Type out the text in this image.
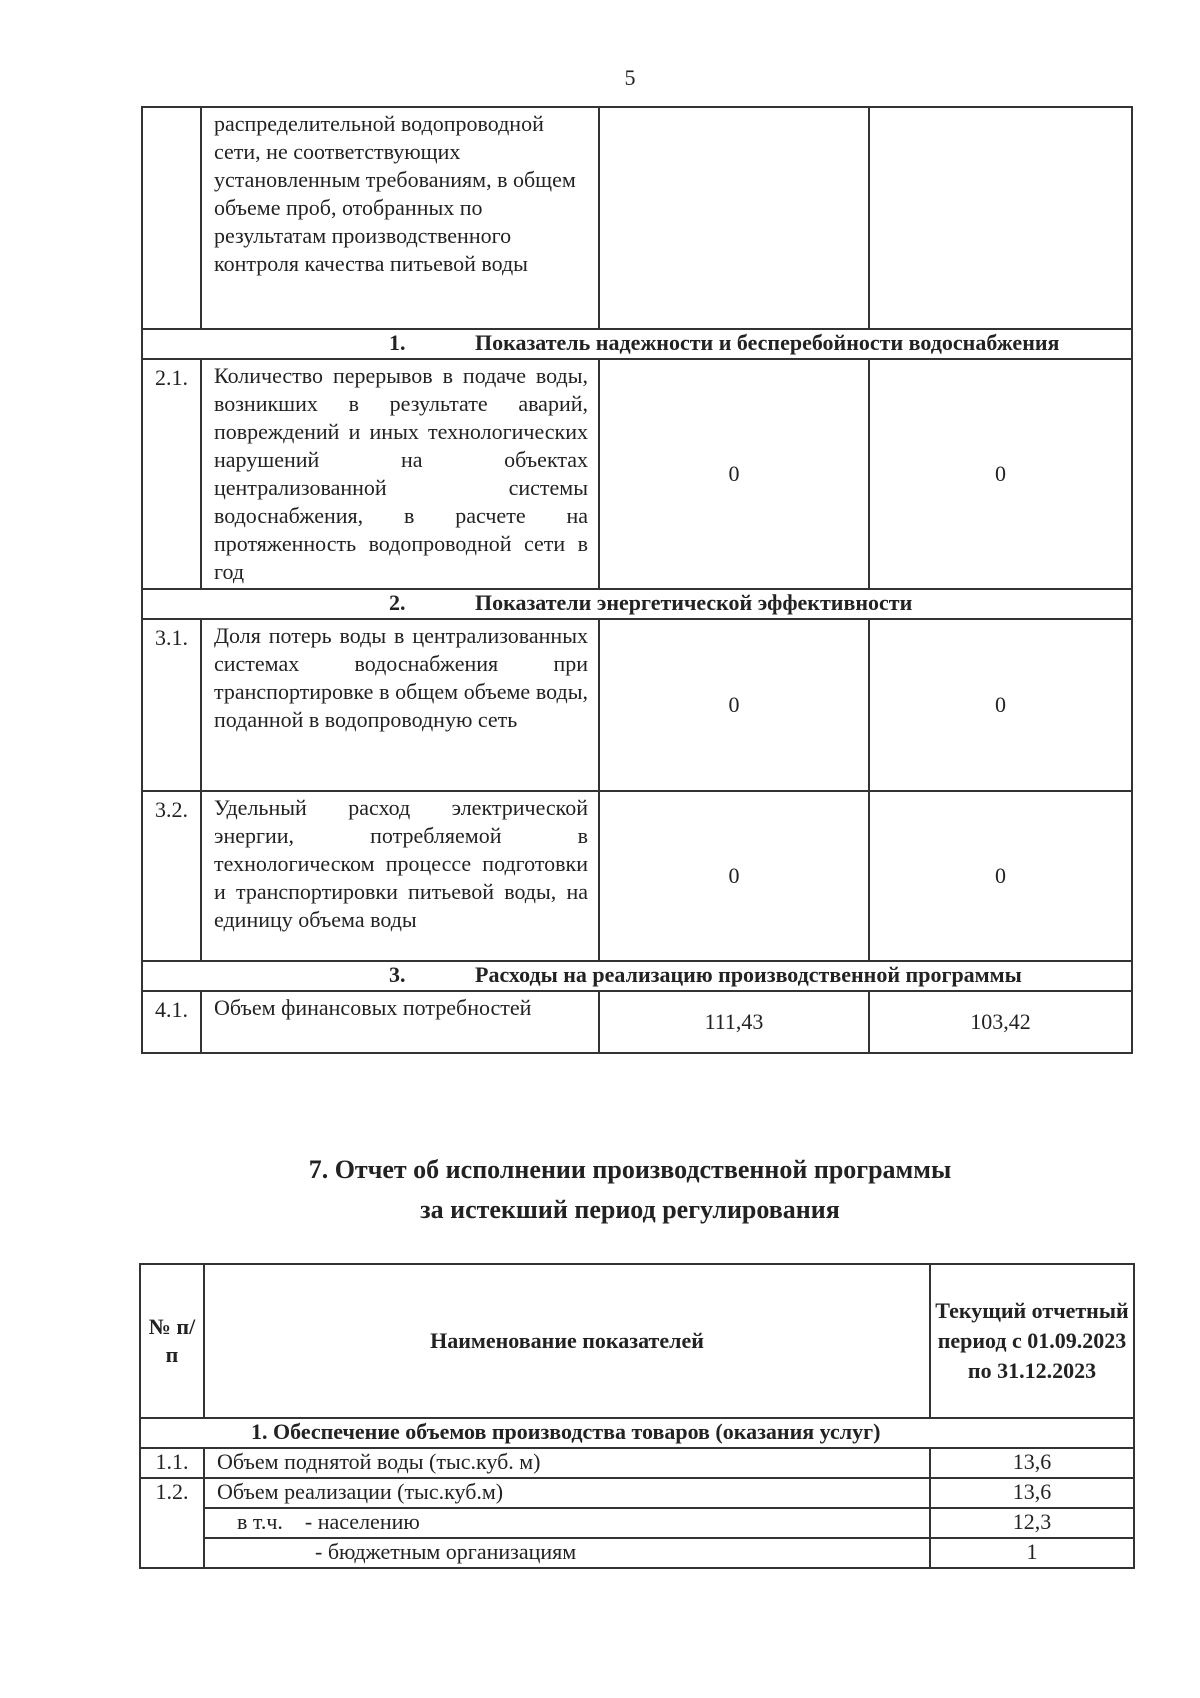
5
	распределительной водопроводной сети, не соответствующих установленным требованиям, в общем объеме проб, отобранных по результатам производственного контроля качества питьевой воды		
1. Показатель надежности и бесперебойности водоснабжения			
2.1.	Количество перерывов в подаче воды, возникших в результате аварий, повреждений и иных технологических нарушений на объектах централизованной системы водоснабжения, в расчете на протяженность водопроводной сети в год	0	0
2. Показатели энергетической эффективности			
3.1.	Доля потерь воды в централизованных системах водоснабжения при транспортировке в общем объеме воды, поданной в водопроводную сеть	0	0
3.2.	Удельный расход электрической энергии, потребляемой в технологическом процессе подготовки и транспортировки питьевой воды, на единицу объема воды	0	0
3. Расходы на реализацию производственной программы			
4.1.	Объем финансовых потребностей	111,43	103,42
7. Отчет об исполнении производственной программы
за истекший период регулирования
№ п/п	Наименование показателей	Текущий отчетный период с 01.09.2023 по 31.12.2023
1. Обеспечение объемов производства товаров (оказания услуг)		
1.1.	Объем поднятой воды (тыс.куб. м)	13,6
1.2.	Объем реализации (тыс.куб.м)	13,6
	в т.ч.    - населению	12,3
	- бюджетным организациям	1
